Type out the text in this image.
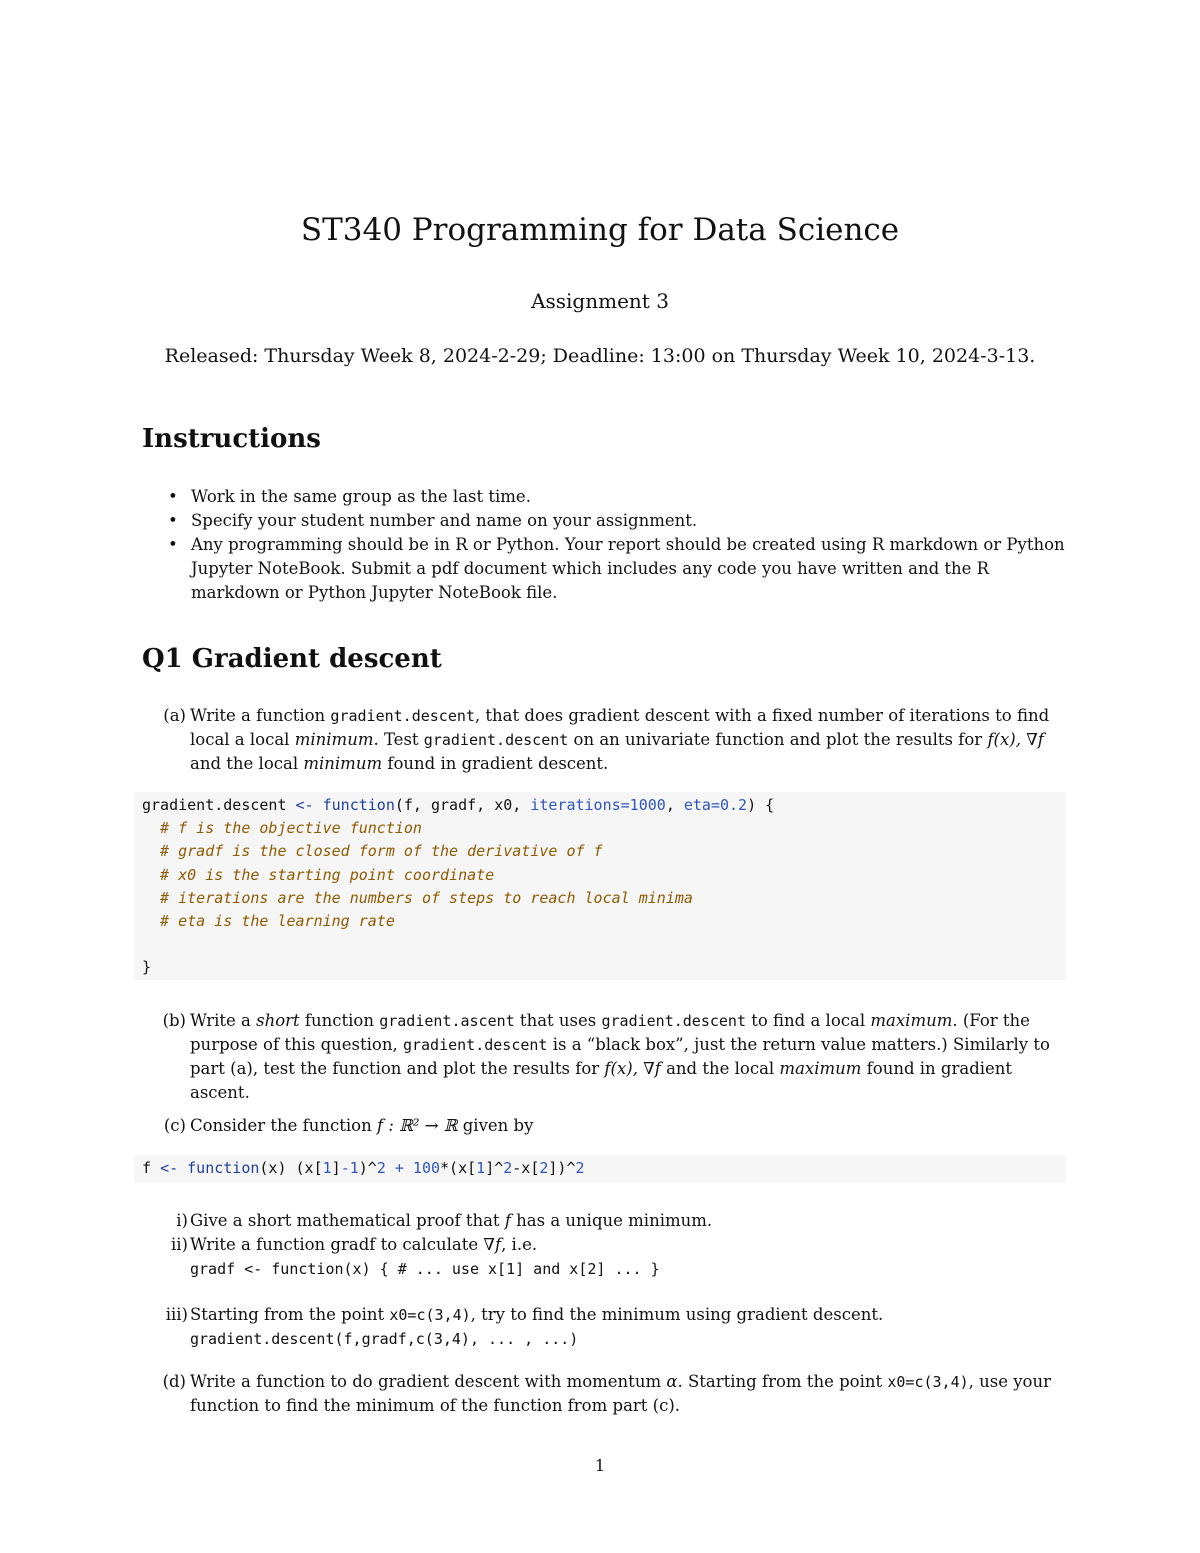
ST340 Programming for Data Science
Assignment 3
Released: Thursday Week 8, 2024-2-29; Deadline: 13:00 on Thursday Week 10, 2024-3-13.
Instructions
• Work in the same group as the last time.
• Specify your student number and name on your assignment.
• Any programming should be in R or Python. Your report should be created using R markdown or Python Jupyter NoteBook. Submit a pdf document which includes any code you have written and the R markdown or Python Jupyter NoteBook file.
Q1 Gradient descent
(a) Write a function gradient.descent, that does gradient descent with a fixed number of iterations to find local a local minimum. Test gradient.descent on an univariate function and plot the results for f(x), ∇f and the local minimum found in gradient descent.
gradient.descent <- function(f, gradf, x0, iterations=1000, eta=0.2) {
# f is the objective function
# gradf is the closed form of the derivative of f
# x0 is the starting point coordinate
# iterations are the numbers of steps to reach local minima
# eta is the learning rate

}
(b) Write a short function gradient.ascent that uses gradient.descent to find a local maximum. (For the purpose of this question, gradient.descent is a “black box”, just the return value matters.) Similarly to part (a), test the function and plot the results for f(x), ∇f and the local maximum found in gradient ascent.
(c) Consider the function f : ℝ² → ℝ given by
f <- function(x) (x[1]-1)^2 + 100*(x[1]^2-x[2])^2
i) Give a short mathematical proof that f has a unique minimum.
ii) Write a function gradf to calculate ∇f, i.e.
gradf <- function(x) { # ... use x[1] and x[2] ... }
iii) Starting from the point x0=c(3,4), try to find the minimum using gradient descent.
gradient.descent(f,gradf,c(3,4), ... , ...)
(d) Write a function to do gradient descent with momentum α. Starting from the point x0=c(3,4), use your function to find the minimum of the function from part (c).
1
